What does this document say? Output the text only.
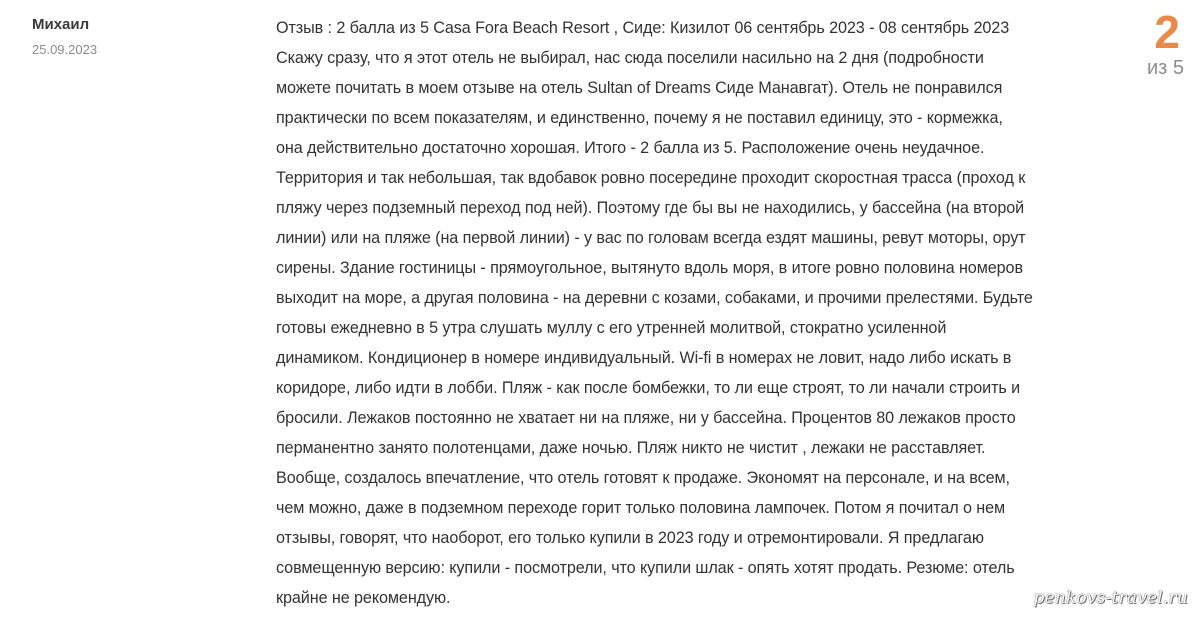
Михаил
25.09.2023
Отзыв : 2 балла из 5 Casa Fora Beach Resort , Сиде: Кизилот 06 сентябрь 2023 - 08 сентябрь 2023
Скажу сразу, что я этот отель не выбирал, нас сюда поселили насильно на 2 дня (подробности
можете почитать в моем отзыве на отель Sultan of Dreams Сиде Манавгат). Отель не понравился
практически по всем показателям, и единственно, почему я не поставил единицу, это - кормежка,
она действительно достаточно хорошая. Итого - 2 балла из 5. Расположение очень неудачное.
Территория и так небольшая, так вдобавок ровно посередине проходит скоростная трасса (проход к
пляжу через подземный переход под ней). Поэтому где бы вы не находились, у бассейна (на второй
линии) или на пляже (на первой линии) - у вас по головам всегда ездят машины, ревут моторы, орут
сирены. Здание гостиницы - прямоугольное, вытянуто вдоль моря, в итоге ровно половина номеров
выходит на море, а другая половина - на деревни с козами, собаками, и прочими прелестями. Будьте
готовы ежедневно в 5 утра слушать муллу с его утренней молитвой, стократно усиленной
динамиком. Кондиционер в номере индивидуальный. Wi-fi в номерах не ловит, надо либо искать в
коридоре, либо идти в лобби. Пляж - как после бомбежки, то ли еще строят, то ли начали строить и
бросили. Лежаков постоянно не хватает ни на пляже, ни у бассейна. Процентов 80 лежаков просто
перманентно занято полотенцами, даже ночью. Пляж никто не чистит , лежаки не расставляет.
Вообще, создалось впечатление, что отель готовят к продаже. Экономят на персонале, и на всем,
чем можно, даже в подземном переходе горит только половина лампочек. Потом я почитал о нем
отзывы, говорят, что наоборот, его только купили в 2023 году и отремонтировали. Я предлагаю
совмещенную версию: купили - посмотрели, что купили шлак - опять хотят продать. Резюме: отель
крайне не рекомендую.
2
из 5
penkovs-travel.ru
